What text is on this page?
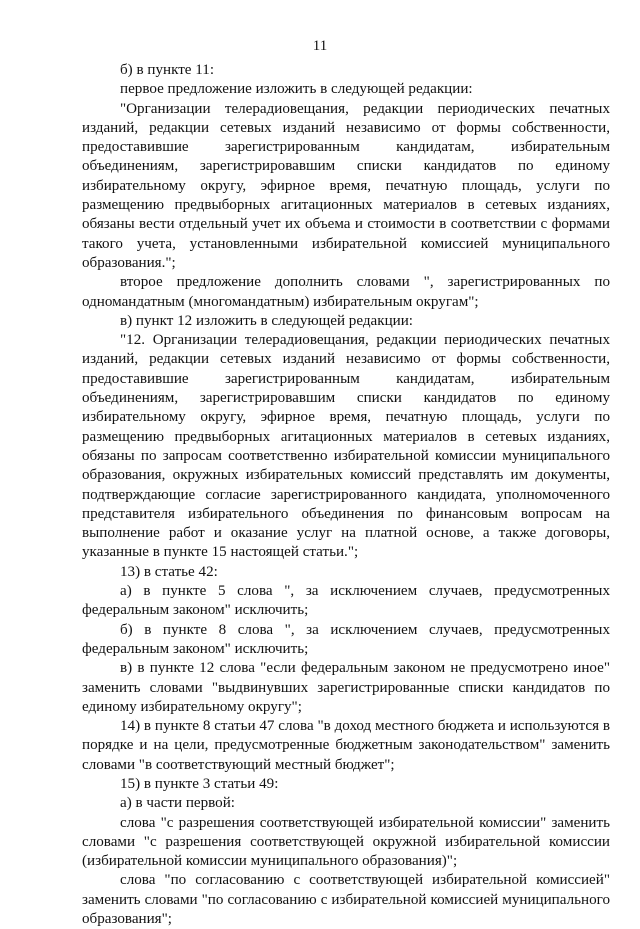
11

б) в пункте 11:

первое предложение изложить в следующей редакции:

"Организации телерадиовещания, редакции периодических печатных изданий, редакции сетевых изданий независимо от формы собственности, предоставившие зарегистрированным кандидатам, избирательным объединениям, зарегистрировавшим списки кандидатов по единому избирательному округу, эфирное время, печатную площадь, услуги по размещению предвыборных агитационных материалов в сетевых изданиях, обязаны вести отдельный учет их объема и стоимости в соответствии с формами такого учета, установленными избирательной комиссией муниципального образования.";

второе предложение дополнить словами ", зарегистрированных по одномандатным (многомандатным) избирательным округам";

в) пункт 12 изложить в следующей редакции:

"12. Организации телерадиовещания, редакции периодических печатных изданий, редакции сетевых изданий независимо от формы собственности, предоставившие зарегистрированным кандидатам, избирательным объединениям, зарегистрировавшим списки кандидатов по единому избирательному округу, эфирное время, печатную площадь, услуги по размещению предвыборных агитационных материалов в сетевых изданиях, обязаны по запросам соответственно избирательной комиссии муниципального образования, окружных избирательных комиссий представлять им документы, подтверждающие согласие зарегистрированного кандидата, уполномоченного представителя избирательного объединения по финансовым вопросам на выполнение работ и оказание услуг на платной основе, а также договоры, указанные в пункте 15 настоящей статьи.";

13) в статье 42:

а) в пункте 5 слова ", за исключением случаев, предусмотренных федеральным законом" исключить;

б) в пункте 8 слова ", за исключением случаев, предусмотренных федеральным законом" исключить;

в) в пункте 12 слова "если федеральным законом не предусмотрено иное" заменить словами "выдвинувших зарегистрированные списки кандидатов по единому избирательному округу";

14) в пункте 8 статьи 47 слова "в доход местного бюджета и используются в порядке и на цели, предусмотренные бюджетным законодательством" заменить словами "в соответствующий местный бюджет";

15) в пункте 3 статьи 49:

а) в части первой:

слова "с разрешения соответствующей избирательной комиссии" заменить словами "с разрешения соответствующей окружной избирательной комиссии (избирательной комиссии муниципального образования)";

слова "по согласованию с соответствующей избирательной комиссией" заменить словами "по согласованию с избирательной комиссией муниципального образования";
